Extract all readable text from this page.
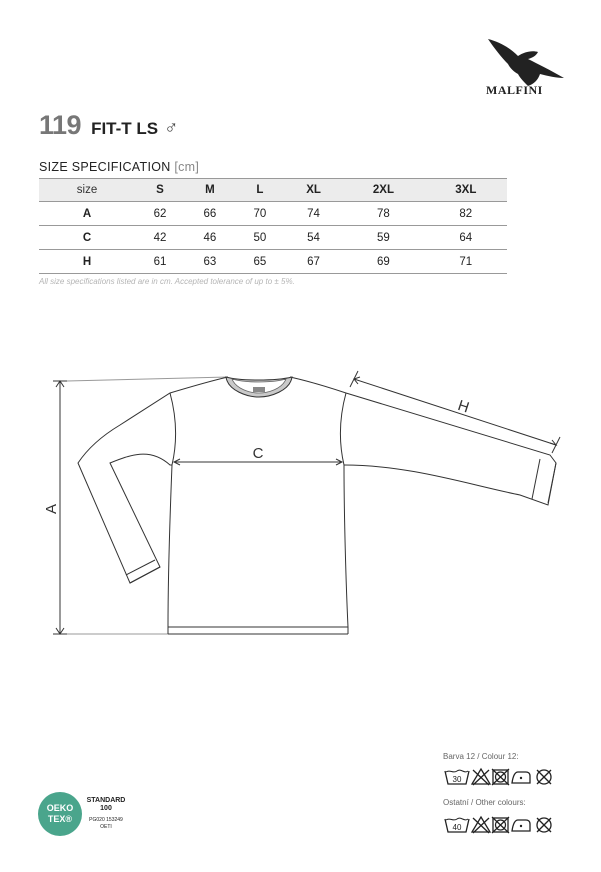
MALFINI
119 FIT-T LS ♂
SIZE SPECIFICATION [cm]
size	S	M	L	XL	2XL	3XL
A	62	66	70	74	78	82
C	42	46	50	54	59	64
H	61	63	65	67	69	71
All size specifications listed are in cm. Accepted tolerance of up to ± 5%.
A
C
H
Barva 12 / Colour 12:
30
Ostatní / Other colours:
40
OEKO
TEX®
STANDARD
100
PG020 153249
OETI
